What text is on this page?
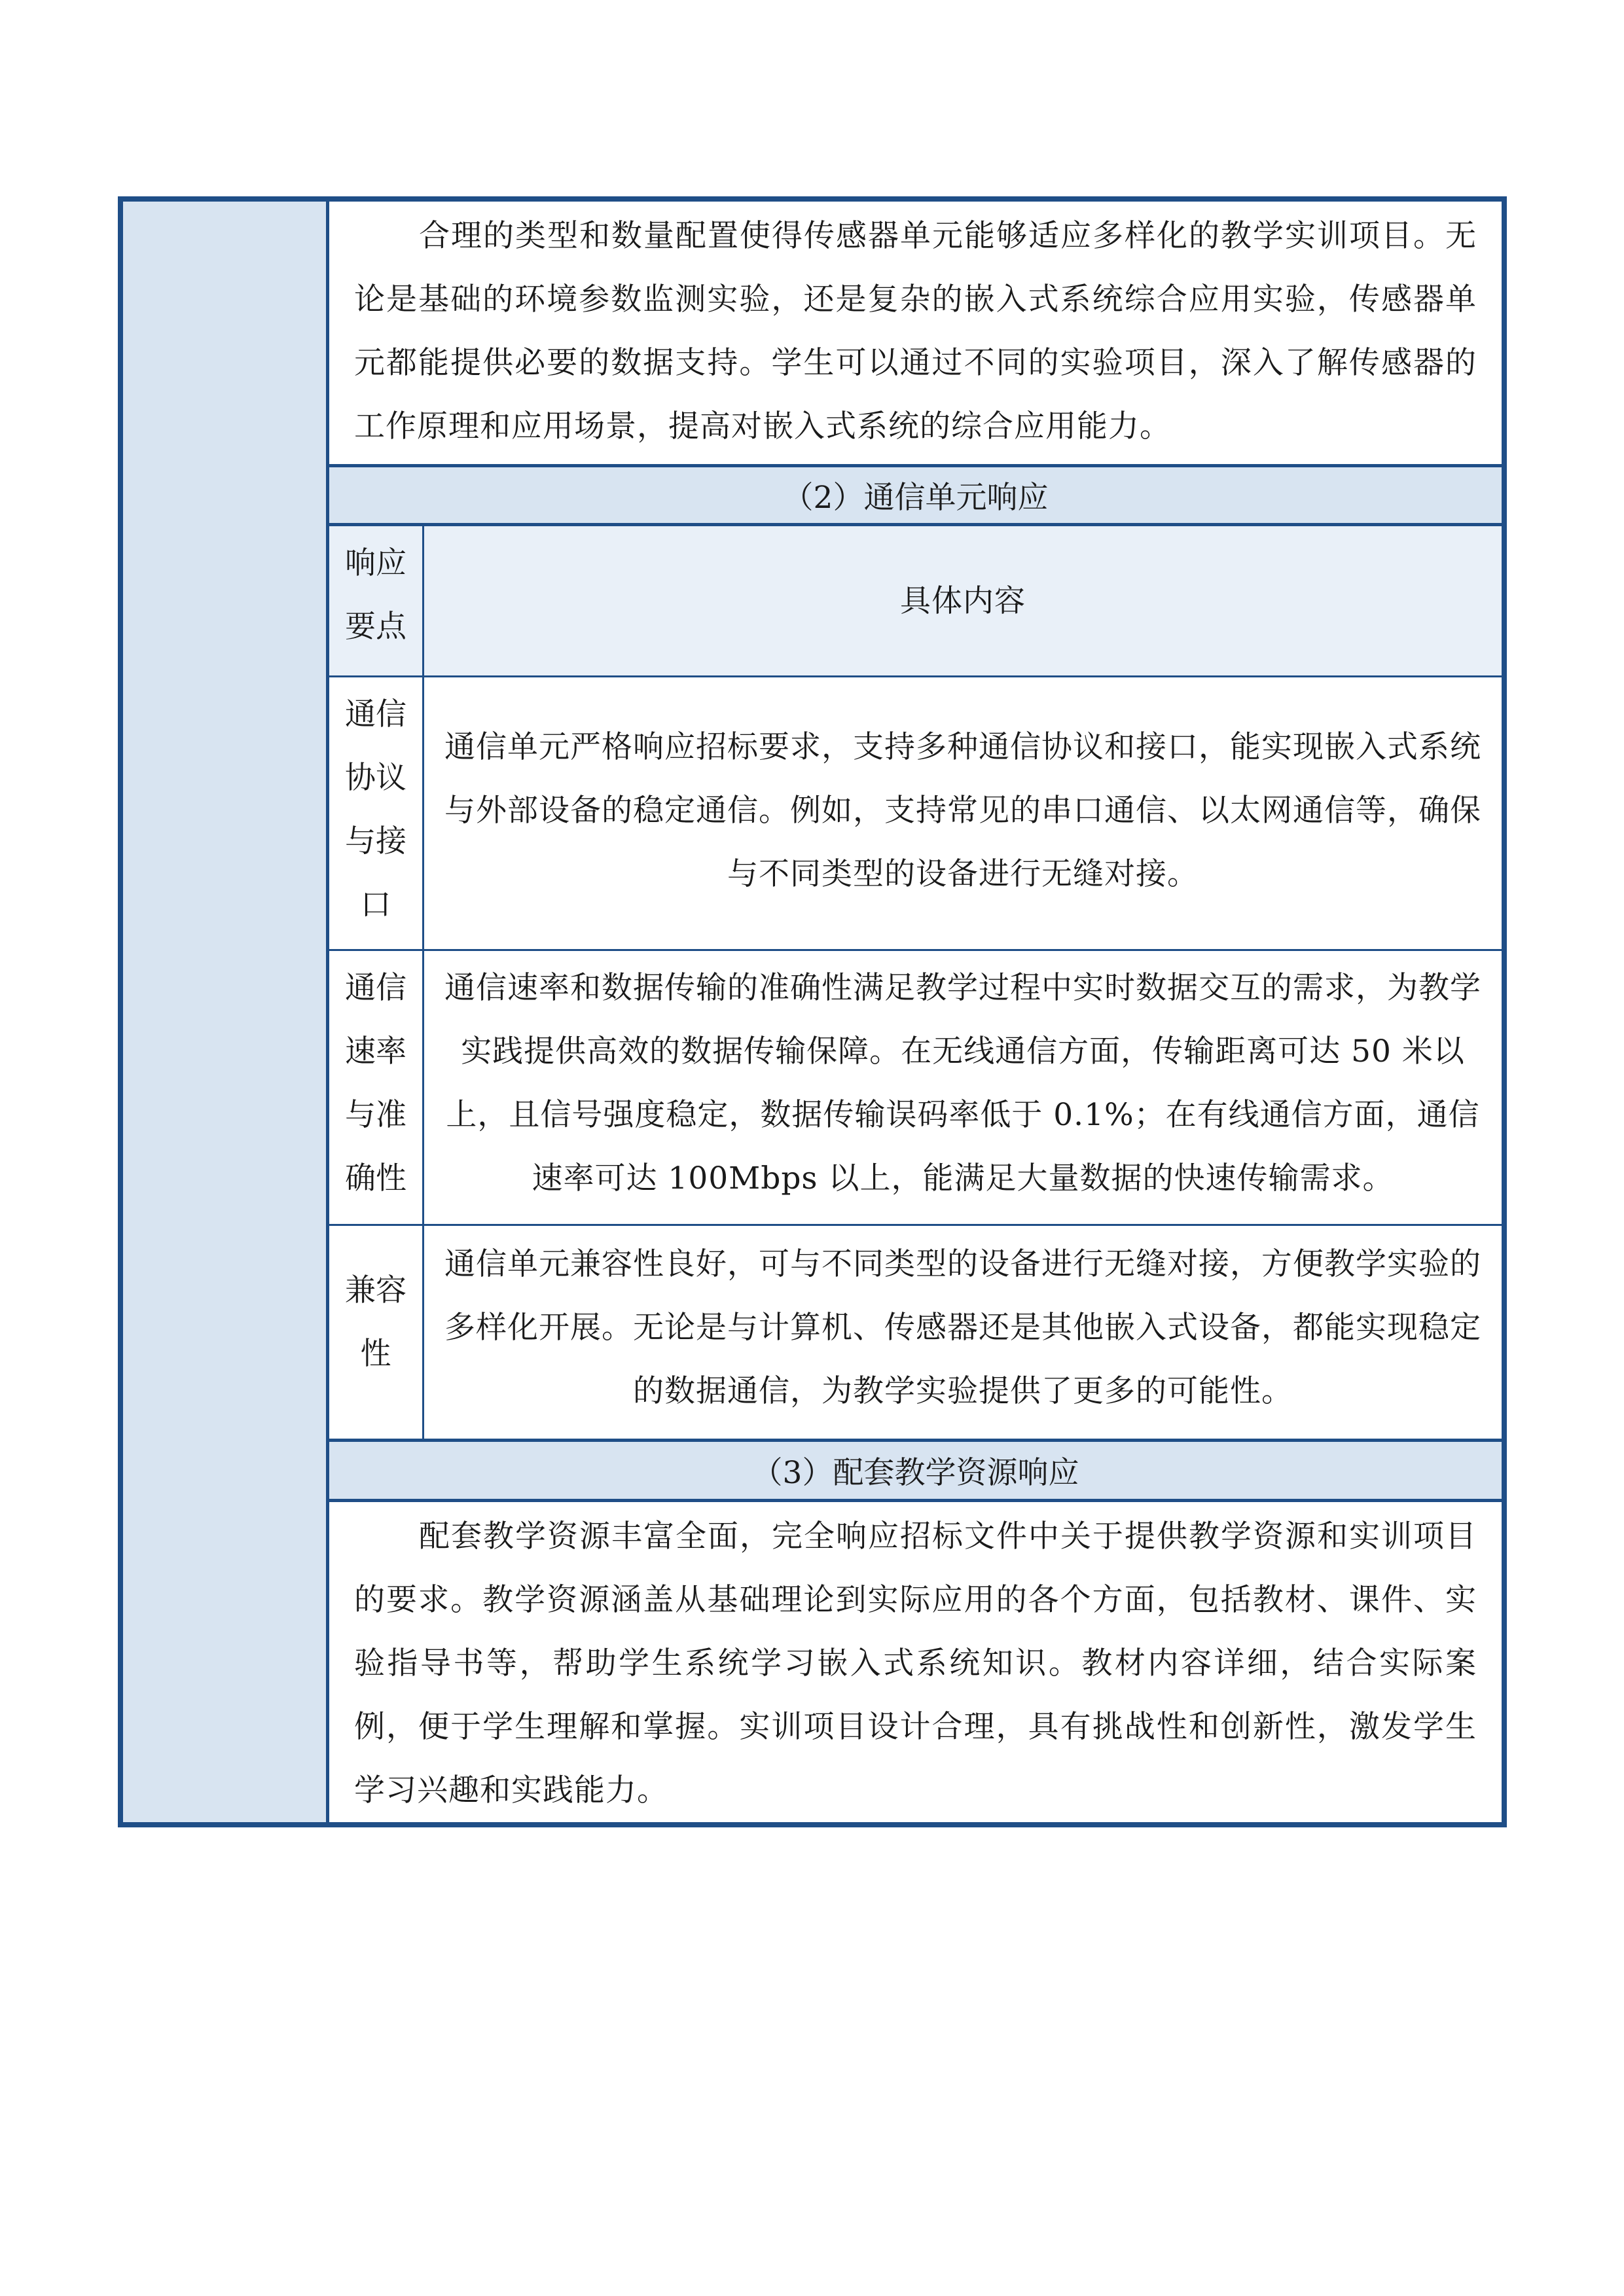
合理的类型和数量配置使得传感器单元能够适应多样化的教学实训项目。无论是基础的环境参数监测实验，还是复杂的嵌入式系统综合应用实验，传感器单元都能提供必要的数据支持。学生可以通过不同的实验项目，深入了解传感器的工作原理和应用场景，提高对嵌入式系统的综合应用能力。
（2）通信单元响应
响应要点
具体内容
通信协议与接口
通信单元严格响应招标要求，支持多种通信协议和接口，能实现嵌入式系统与外部设备的稳定通信。例如，支持常见的串口通信、以太网通信等，确保与不同类型的设备进行无缝对接。
通信速率与准确性
通信速率和数据传输的准确性满足教学过程中实时数据交互的需求，为教学实践提供高效的数据传输保障。在无线通信方面，传输距离可达 50 米以上，且信号强度稳定，数据传输误码率低于 0.1%；在有线通信方面，通信速率可达 100Mbps 以上，能满足大量数据的快速传输需求。
兼容性
通信单元兼容性良好，可与不同类型的设备进行无缝对接，方便教学实验的多样化开展。无论是与计算机、传感器还是其他嵌入式设备，都能实现稳定的数据通信，为教学实验提供了更多的可能性。
（3）配套教学资源响应
配套教学资源丰富全面，完全响应招标文件中关于提供教学资源和实训项目的要求。教学资源涵盖从基础理论到实际应用的各个方面，包括教材、课件、实验指导书等，帮助学生系统学习嵌入式系统知识。教材内容详细，结合实际案例，便于学生理解和掌握。实训项目设计合理，具有挑战性和创新性，激发学生学习兴趣和实践能力。
